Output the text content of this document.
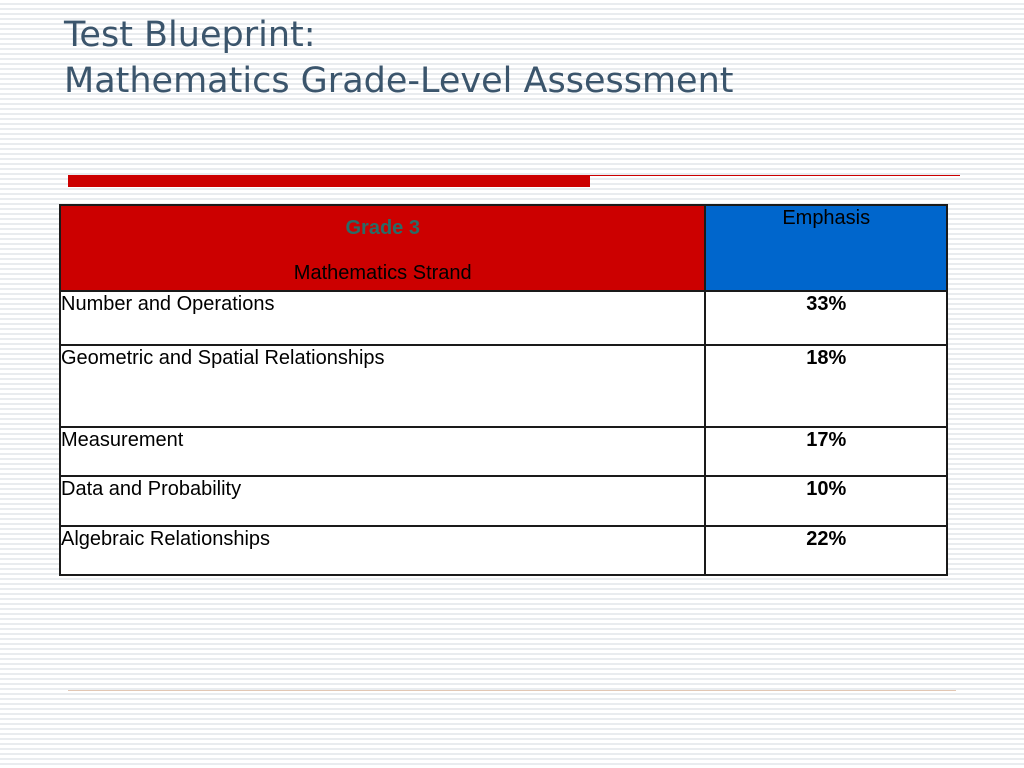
Test Blueprint:
Mathematics Grade-Level Assessment
Grade 3
Mathematics Strand	Emphasis

Number and Operations	33%
Geometric and Spatial Relationships	18%
Measurement	17%
Data and Probability	10%
Algebraic Relationships	22%
